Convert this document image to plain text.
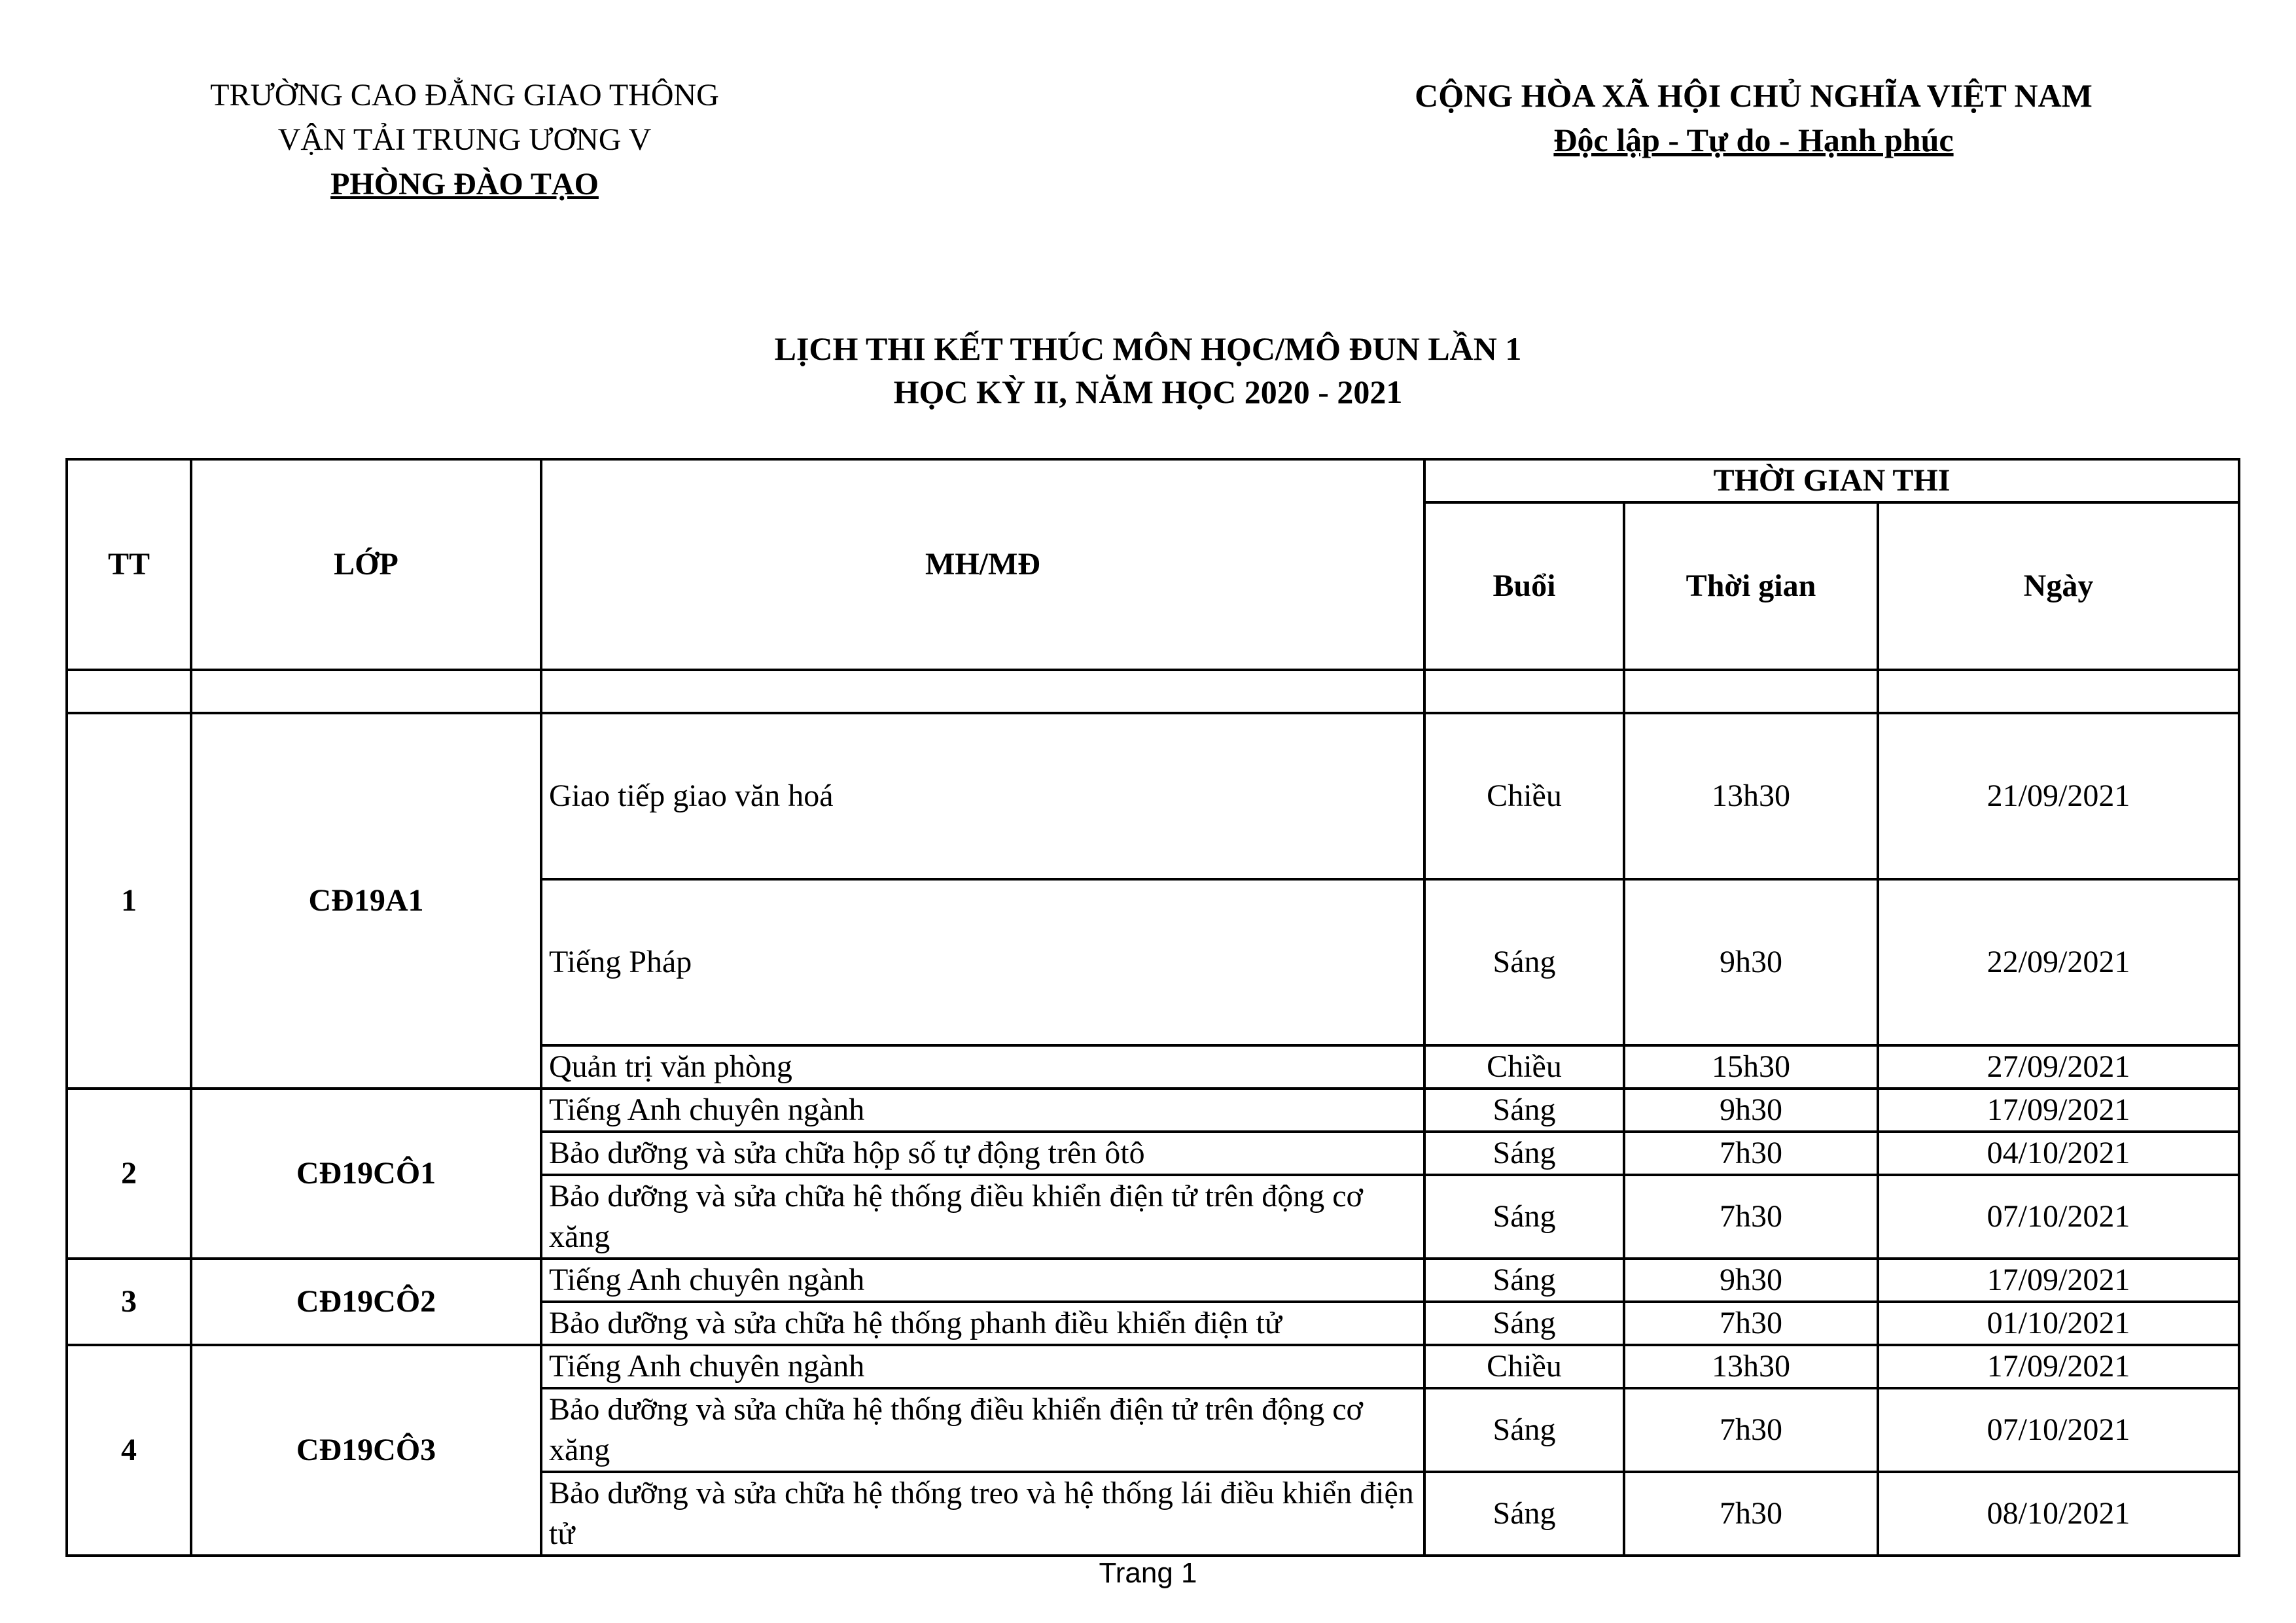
TRƯỜNG CAO ĐẲNG GIAO THÔNG
VẬN TẢI TRUNG ƯƠNG V
PHÒNG ĐÀO TẠO
CỘNG HÒA XÃ HỘI CHỦ NGHĨA VIỆT NAM
Độc lập - Tự do - Hạnh phúc
LỊCH THI KẾT THÚC MÔN HỌC/MÔ ĐUN LẦN 1
HỌC KỲ II, NĂM HỌC 2020 - 2021
TT	LỚP	MH/MĐ	THỜI GIAN THI		
			Buổi	Thời gian	Ngày

1	CĐ19A1	Giao tiếp giao văn hoá	Chiều	13h30	21/09/2021
		Tiếng Pháp	Sáng	9h30	22/09/2021
		Quản trị văn phòng	Chiều	15h30	27/09/2021
2	CĐ19CÔ1	Tiếng Anh chuyên ngành	Sáng	9h30	17/09/2021
		Bảo dưỡng và sửa chữa hộp số tự động trên ôtô	Sáng	7h30	04/10/2021
		Bảo dưỡng và sửa chữa hệ thống điều khiển điện tử trên động cơ xăng	Sáng	7h30	07/10/2021
3	CĐ19CÔ2	Tiếng Anh chuyên ngành	Sáng	9h30	17/09/2021
		Bảo dưỡng và sửa chữa hệ thống phanh điều khiển điện tử	Sáng	7h30	01/10/2021
4	CĐ19CÔ3	Tiếng Anh chuyên ngành	Chiều	13h30	17/09/2021
		Bảo dưỡng và sửa chữa hệ thống điều khiển điện tử trên động cơ xăng	Sáng	7h30	07/10/2021
		Bảo dưỡng và sửa chữa hệ thống treo và hệ thống lái điều khiển điện tử	Sáng	7h30	08/10/2021
Trang 1
